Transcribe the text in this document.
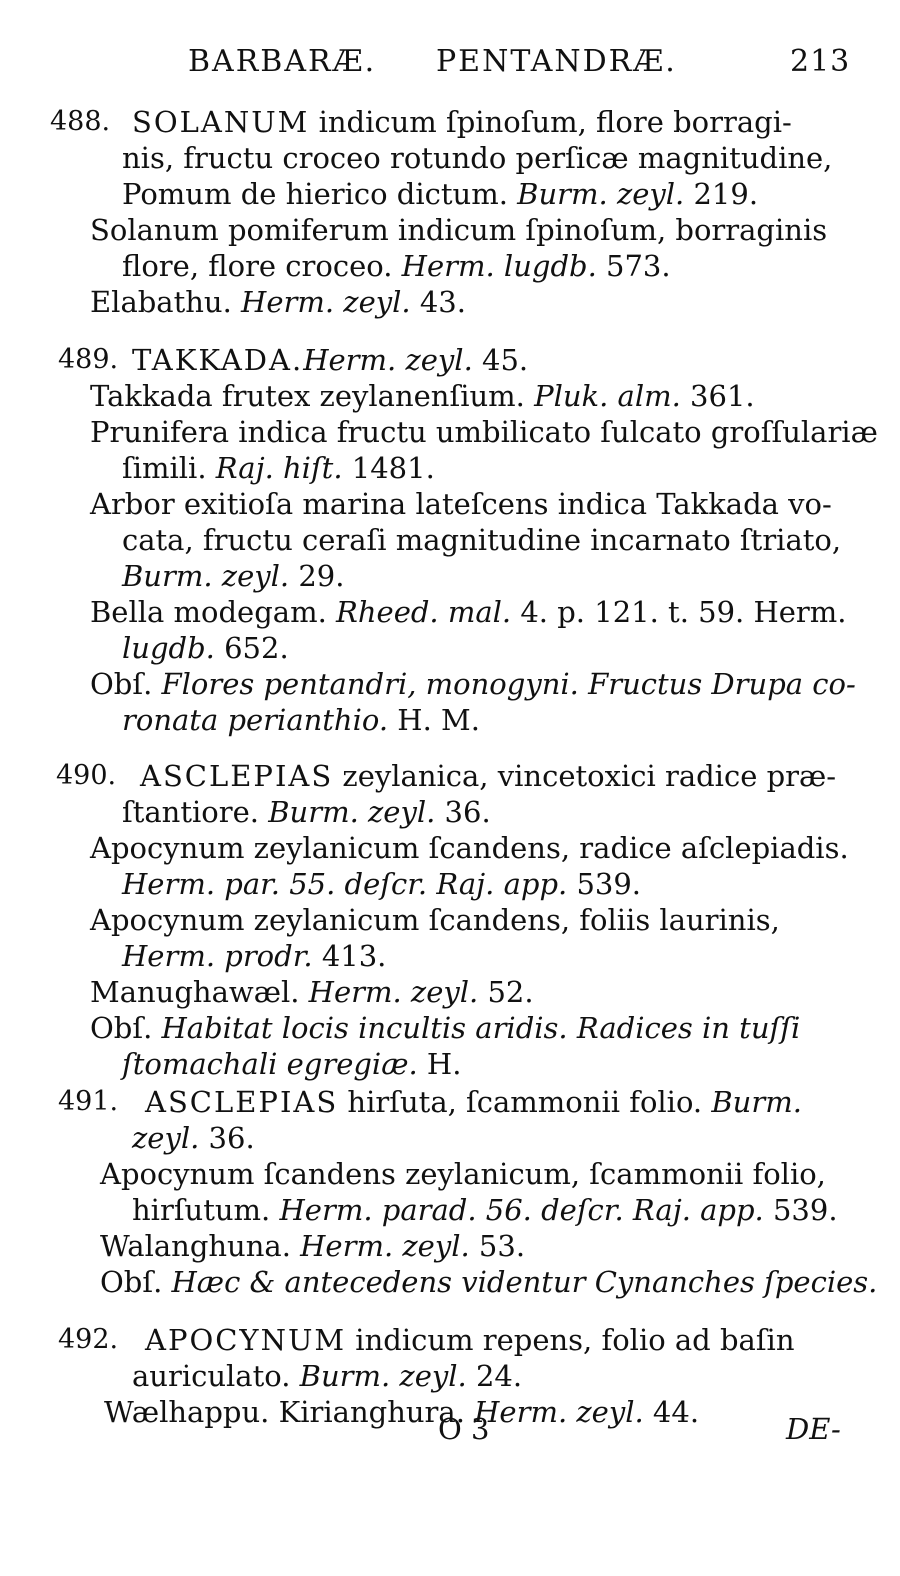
BARBARÆ. PENTANDRÆ.	213
488. SOLANUM indicum ſpinoſum, flore borragi-
nis, fructu croceo rotundo perſicæ magnitudine,
Pomum de hierico dictum. Burm. zeyl. 219.
Solanum pomiferum indicum ſpinoſum, borraginis
flore, flore croceo. Herm. lugdb. 573.
Elabathu. Herm. zeyl. 43.
489. TAKKADA.Herm. zeyl. 45.
Takkada frutex zeylanenſium. Pluk. alm. 361.
Prunifera indica fructu umbilicato ſulcato groſſulariæ
ſimili. Raj. hiſt. 1481.
Arbor exitioſa marina lateſcens indica Takkada vo-
cata, fructu ceraſi magnitudine incarnato ſtriato,
Burm. zeyl. 29.
Bella modegam. Rheed. mal. 4. p. 121. t. 59. Herm.
lugdb. 652.
Obſ. Flores pentandri, monogyni. Fructus Drupa co-
ronata perianthio. H. M.
490. ASCLEPIAS zeylanica, vincetoxici radice præ-
ſtantiore. Burm. zeyl. 36.
Apocynum zeylanicum ſcandens, radice aſclepiadis.
Herm. par. 55. deſcr. Raj. app. 539.
Apocynum zeylanicum ſcandens, foliis laurinis,
Herm. prodr. 413.
Manughawæl. Herm. zeyl. 52.
Obſ. Habitat locis incultis aridis. Radices in tuſſi
ſtomachali egregiæ. H.
491. ASCLEPIAS hirſuta, ſcammonii folio. Burm.
zeyl. 36.
Apocynum ſcandens zeylanicum, ſcammonii folio,
hirſutum. Herm. parad. 56. deſcr. Raj. app. 539.
Walanghuna. Herm. zeyl. 53.
Obſ. Hæc & antecedens videntur Cynanches ſpecies.
492. APOCYNUM indicum repens, folio ad baſin
auriculato. Burm. zeyl. 24.
Wælhappu. Kirianghura. Herm. zeyl. 44.
O 3	DE-
